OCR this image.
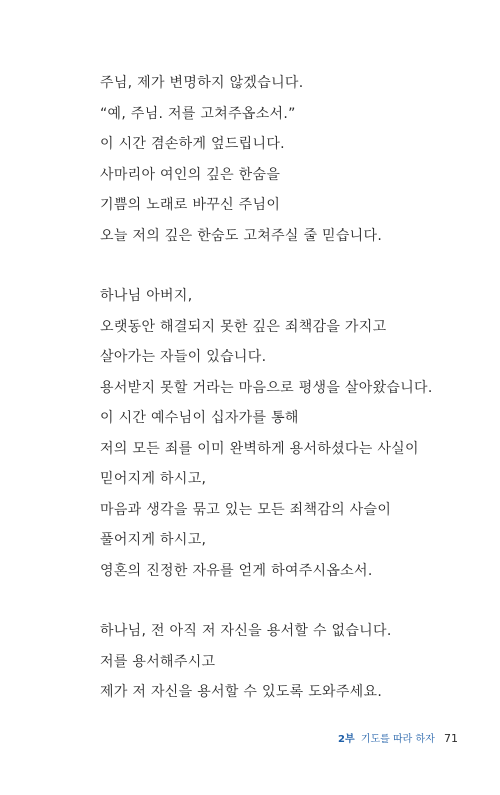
주님, 제가 변명하지 않겠습니다.
“예, 주님. 저를 고쳐주옵소서.”
이 시간 겸손하게 엎드립니다.
사마리아 여인의 깊은 한숨을
기쁨의 노래로 바꾸신 주님이
오늘 저의 깊은 한숨도 고쳐주실 줄 믿습니다.
하나님 아버지,
오랫동안 해결되지 못한 깊은 죄책감을 가지고
살아가는 자들이 있습니다.
용서받지 못할 거라는 마음으로 평생을 살아왔습니다.
이 시간 예수님이 십자가를 통해
저의 모든 죄를 이미 완벽하게 용서하셨다는 사실이
믿어지게 하시고,
마음과 생각을 묶고 있는 모든 죄책감의 사슬이
풀어지게 하시고,
영혼의 진정한 자유를 얻게 하여주시옵소서.
하나님, 전 아직 저 자신을 용서할 수 없습니다.
저를 용서해주시고
제가 저 자신을 용서할 수 있도록 도와주세요.
2부 기도를 따라 하자 71
